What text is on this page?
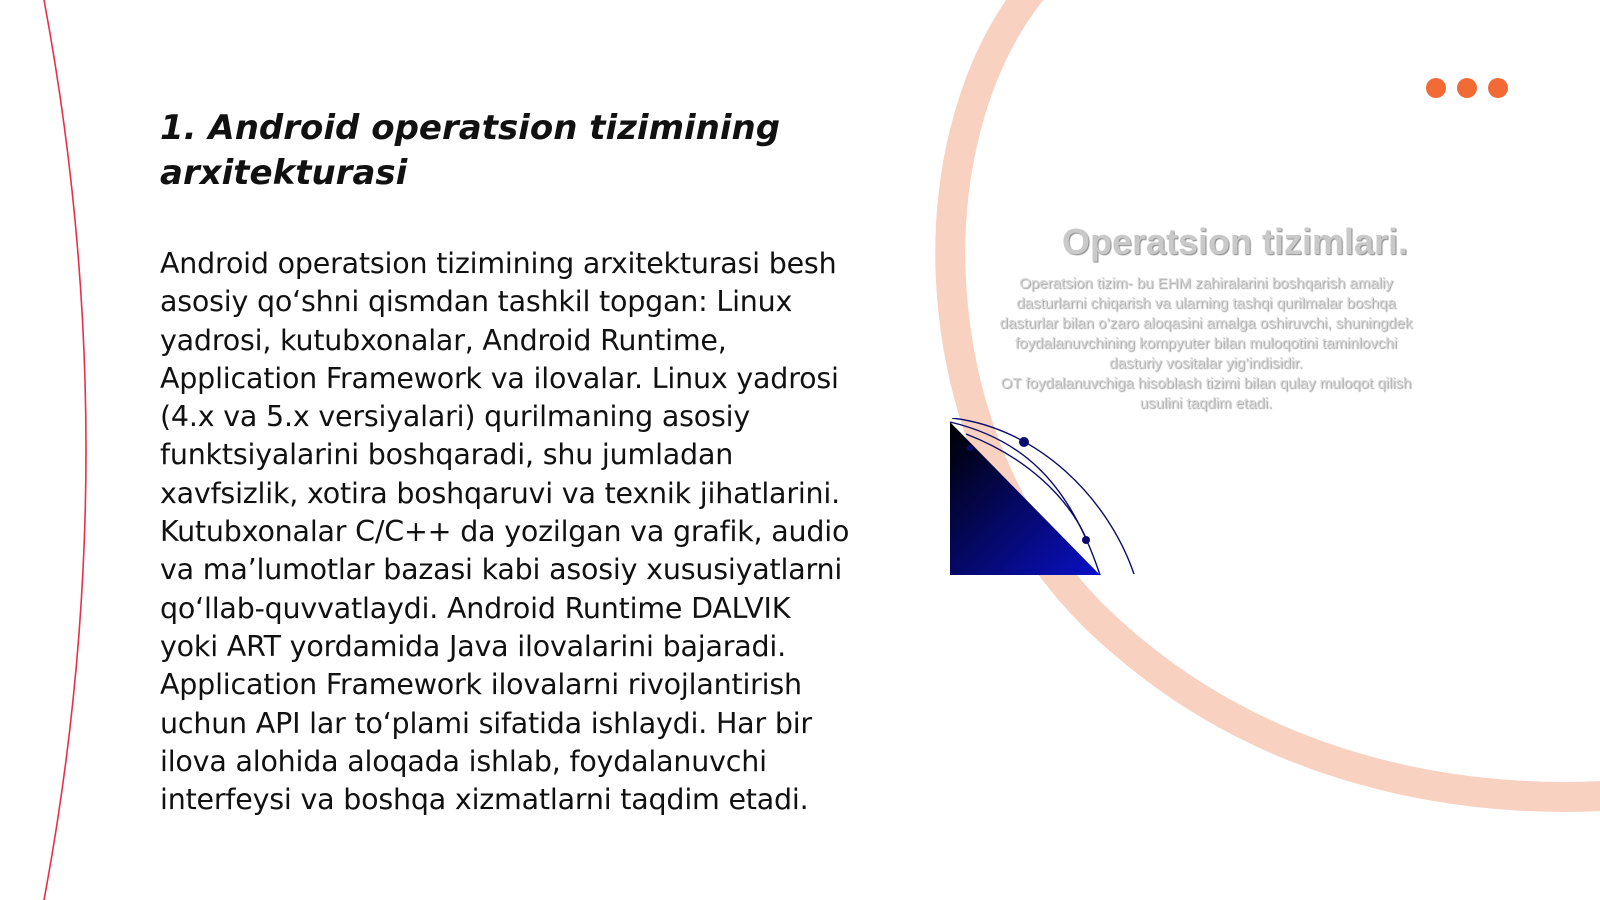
1. Android operatsion tizimining arxitekturasi

Android operatsion tizimining arxitekturasi besh asosiy qo‘shni qismdan tashkil topgan: Linux yadrosi, kutubxonalar, Android Runtime, Application Framework va ilovalar. Linux yadrosi (4.x va 5.x versiyalari) qurilmaning asosiy funktsiyalarini boshqaradi, shu jumladan xavfsizlik, xotira boshqaruvi va texnik jihatlarini. Kutubxonalar C/C++ da yozilgan va grafik, audio va ma’lumotlar bazasi kabi asosiy xususiyatlarni qo‘llab-quvvatlaydi. Android Runtime DALVIK yoki ART yordamida Java ilovalarini bajaradi. Application Framework ilovalarni rivojlantirish uchun API lar to‘plami sifatida ishlaydi. Har bir ilova alohida aloqada ishlab, foydalanuvchi interfeysi va boshqa xizmatlarni taqdim etadi.

Operatsion tizimlari.
Operatsion tizim- bu EHM zahiralarini boshqarish amaliy dasturlarni chiqarish va ularning tashqi qurilmalar boshqa dasturlar bilan o’zaro aloqasini amalga oshiruvchi, shuningdek foydalanuvchining kompyuter bilan muloqotini taminlovchi dasturiy vositalar yig’indisidir.
OT foydalanuvchiga hisoblash tizimi bilan qulay muloqot qilish usulini taqdim etadi.
